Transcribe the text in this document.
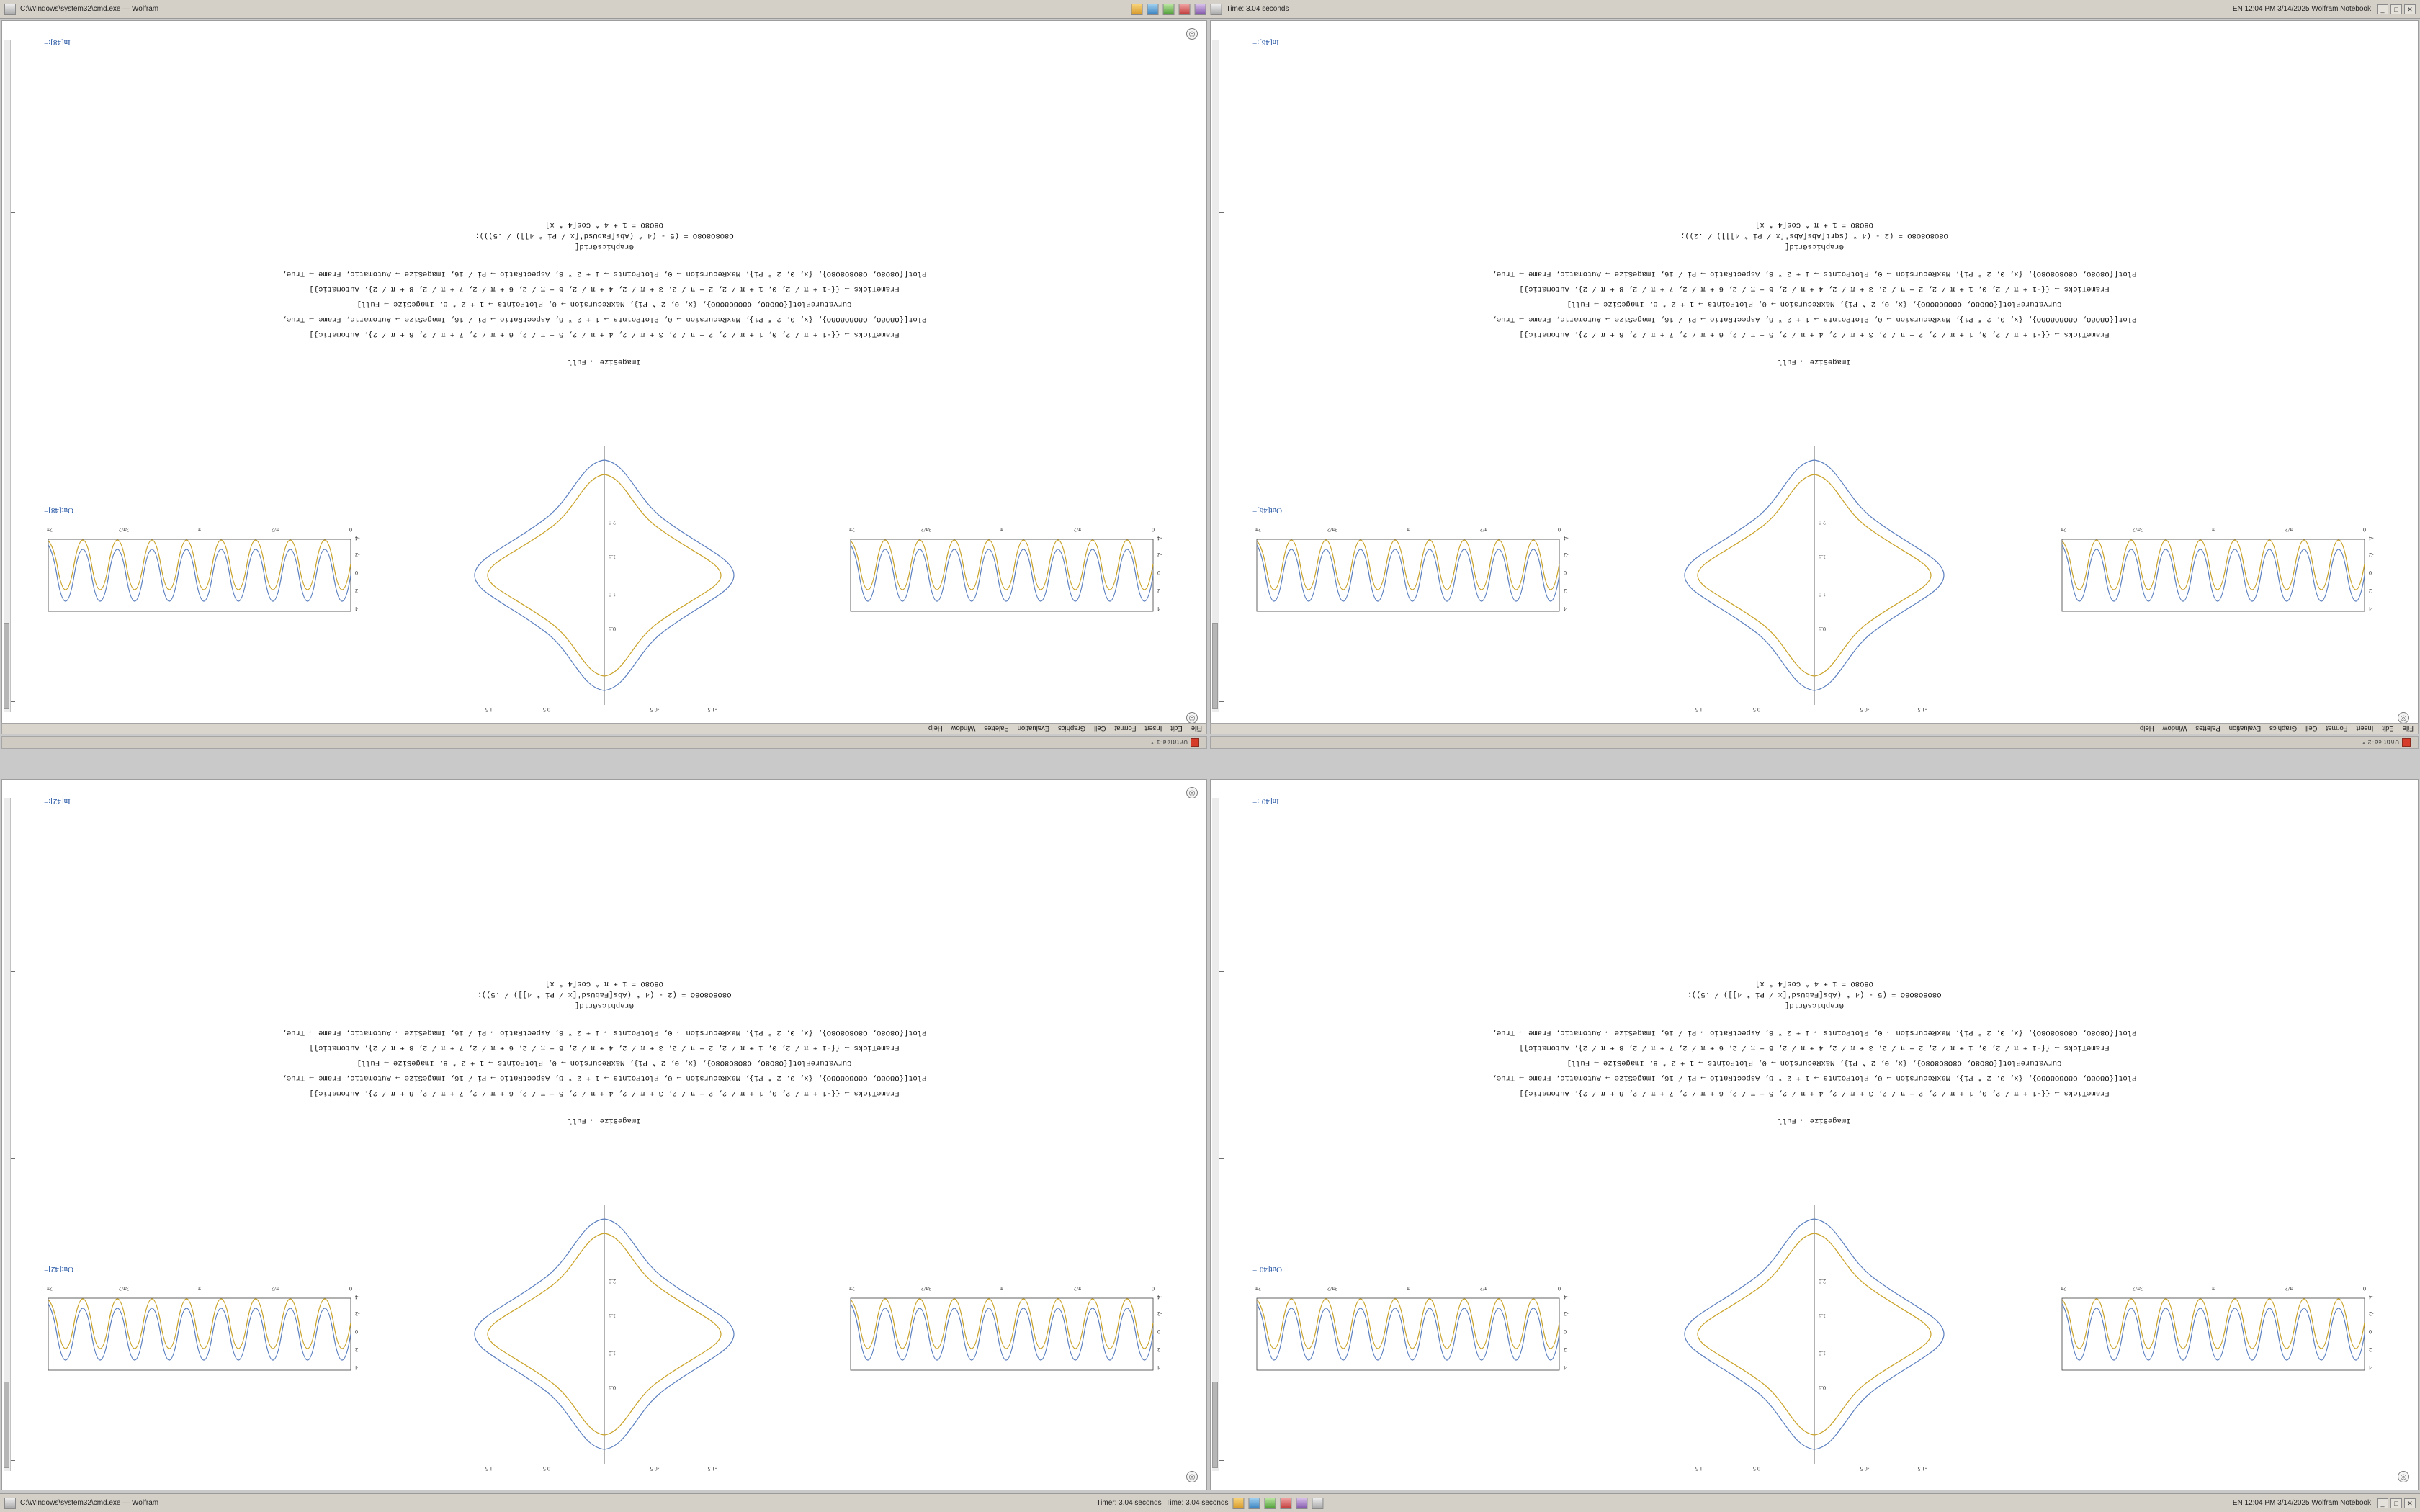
C:\Windows\system32\cmd.exe — Wolfram	Time: 3.04 seconds	EN 12:04 PM 3/14/2025 Wolfram Notebook	_	□	✕
◎
◎
Out[48]=
4
2
0
-2
-4
0
π/2
π
3π/2
2π
0.5
1.0
1.5
2.0
-1.5
-0.5
0.5
1.5
4
2
0
-2
-4
0
π/2
π
3π/2
2π
ImageSize → Full
FrameTicks → {{-1 + π / 2, 0, 1 + π / 2, 2 + π / 2, 3 + π / 2, 4 + π / 2, 5 + π / 2, 6 + π / 2, 7 + π / 2, 8 + π / 2}, Automatic}]
Plot[{O8O8O, O8O8O8O8O}, {x, 0, 2 * Pi}, MaxRecursion → 0, PlotPoints → 1 + 2 * 8, AspectRatio → Pi / 16, ImageSize → Automatic, Frame → True,
CurvaturePlot[{O8O8O, O8O8O8O8O}, {x, 0, 2 * Pi}, MaxRecursion → 0, PlotPoints → 1 + 2 * 8, ImageSize → Full]
FrameTicks → {{-1 + π / 2, 0, 1 + π / 2, 2 + π / 2, 3 + π / 2, 4 + π / 2, 5 + π / 2, 6 + π / 2, 7 + π / 2, 8 + π / 2}, Automatic}]
Plot[{O8O8O, O8O8O8O8O}, {x, 0, 2 * Pi}, MaxRecursion → 0, PlotPoints → 1 + 2 * 8, AspectRatio → Pi / 16, ImageSize → Automatic, Frame → True,
GraphicsGrid[
O8O8O8O8O = (5 - (4 * (Abs[FabUsd'[x / Pi * 4]]) / .5)));
O8O8O = 1 + 4 * Cos[4 * x]
In[48]:=
◎
Out[46]=
4
2
0
-2
-4
0
π/2
π
3π/2
2π
0.5
1.0
1.5
2.0
-1.5
-0.5
0.5
1.5
4
2
0
-2
-4
0
π/2
π
3π/2
2π
ImageSize → Full
FrameTicks → {{-1 + π / 2, 0, 1 + π / 2, 2 + π / 2, 3 + π / 2, 4 + π / 2, 5 + π / 2, 6 + π / 2, 7 + π / 2, 8 + π / 2}, Automatic}]
Plot[{O8O8O, O8O8O8O8O}, {x, 0, 2 * Pi}, MaxRecursion → 0, PlotPoints → 1 + 2 * 8, AspectRatio → Pi / 16, ImageSize → Automatic, Frame → True,
CurvaturePlot[{O8O8O, O8O8O8O8O}, {x, 0, 2 * Pi}, MaxRecursion → 0, PlotPoints → 1 + 2 * 8, ImageSize → Full]
FrameTicks → {{-1 + π / 2, 0, 1 + π / 2, 2 + π / 2, 3 + π / 2, 4 + π / 2, 5 + π / 2, 6 + π / 2, 7 + π / 2, 8 + π / 2}, Automatic}]
Plot[{O8O8O, O8O8O8O8O}, {x, 0, 2 * Pi}, MaxRecursion → 0, PlotPoints → 1 + 2 * 8, AspectRatio → Pi / 16, ImageSize → Automatic, Frame → True,
GraphicsGrid[
O8O8O8O8O = (2 - (4 * (sqrt[Abs[Abs'[x / Pi * 4]]]) / .2));
O8O8O = 1 + π * Cos[4 * x]
In[46]:=
File
Edit
Insert
Format
Cell
Graphics
Evaluation
Palettes
Window
Help	File
Edit
Insert
Format
Cell
Graphics
Evaluation
Palettes
Window
Help
Untitled-1 *	Untitled-2 *
◎
◎
Out[42]=
4
2
0
-2
-4
0
π/2
π
3π/2
2π
0.5
1.0
1.5
2.0
-1.5
-0.5
0.5
1.5
4
2
0
-2
-4
0
π/2
π
3π/2
2π
ImageSize → Full
FrameTicks → {{-1 + π / 2, 0, 1 + π / 2, 2 + π / 2, 3 + π / 2, 4 + π / 2, 5 + π / 2, 6 + π / 2, 7 + π / 2, 8 + π / 2}, Automatic}]
Plot[{O8O8O, O8O8O8O8O}, {x, 0, 2 * Pi}, MaxRecursion → 0, PlotPoints → 1 + 2 * 8, AspectRatio → Pi / 16, ImageSize → Automatic, Frame → True,
CurvatureFlot[{O8O8O, O8O8O8O8O}, {x, 0, 2 * Pi}, MaxRecursion → 0, PlotPoints → 1 + 2 * 8, ImageSize → Full]
FrameTicks → {{-1 + π / 2, 0, 1 + π / 2, 2 + π / 2, 3 + π / 2, 4 + π / 2, 5 + π / 2, 6 + π / 2, 7 + π / 2, 8 + π / 2}, Automatic}]
Plot[{O8O8O, O8O8O8O8O}, {x, 0, 2 * Pi}, MaxRecursion → 0, PlotPoints → 1 + 2 * 8, AspectRatio → Pi / 16, ImageSize → Automatic, Frame → True,
GraphicsGrid[
O8O8O8O8O = (2 - (4 * (Abs[FabUsd'[x / Pi * 4]]) / .5));
O8O8O = 1 + π * Cos[4 * x]
In[42]:=
◎
Out[40]=
4
2
0
-2
-4
0
π/2
π
3π/2
2π
0.5
1.0
1.5
2.0
-1.5
-0.5
0.5
1.5
4
2
0
-2
-4
0
π/2
π
3π/2
2π
ImageSize → Full
FrameTicks → {{-1 + π / 2, 0, 1 + π / 2, 2 + π / 2, 3 + π / 2, 4 + π / 2, 5 + π / 2, 6 + π / 2, 7 + π / 2, 8 + π / 2}, Automatic}]
Plot[{O8O8O, O8O8O8O8O}, {x, 0, 2 * Pi}, MaxRecursion → 0, PlotPoints → 1 + 2 * 8, AspectRatio → Pi / 16, ImageSize → Automatic, Frame → True,
CurvaturePlot[{O8O8O, O8O8O8O8O}, {x, 0, 2 * Pi}, MaxRecursion → 0, PlotPoints → 1 + 2 * 8, ImageSize → Full]
FrameTicks → {{-1 + π / 2, 0, 1 + π / 2, 2 + π / 2, 3 + π / 2, 4 + π / 2, 5 + π / 2, 6 + π / 2, 7 + π / 2, 8 + π / 2}, Automatic}]
Plot[{O8O8O, O8O8O8O8O}, {x, 0, 2 * Pi}, MaxRecursion → 0, PlotPoints → 1 + 2 * 8, AspectRatio → Pi / 16, ImageSize → Automatic, Frame → True,
GraphicsGrid[
O8O8O8O8O = (5 - (4 * (Abs[FabUsd'[x / Pi * 4]]) / .5));
O8O8O = 1 + 4 * Cos[4 * x]
In[40]:=
C:\Windows\system32\cmd.exe — Wolfram	Timer: 3.04 seconds Time: 3.04 seconds	EN 12:04 PM 3/14/2025 Wolfram Notebook	_	□	✕
